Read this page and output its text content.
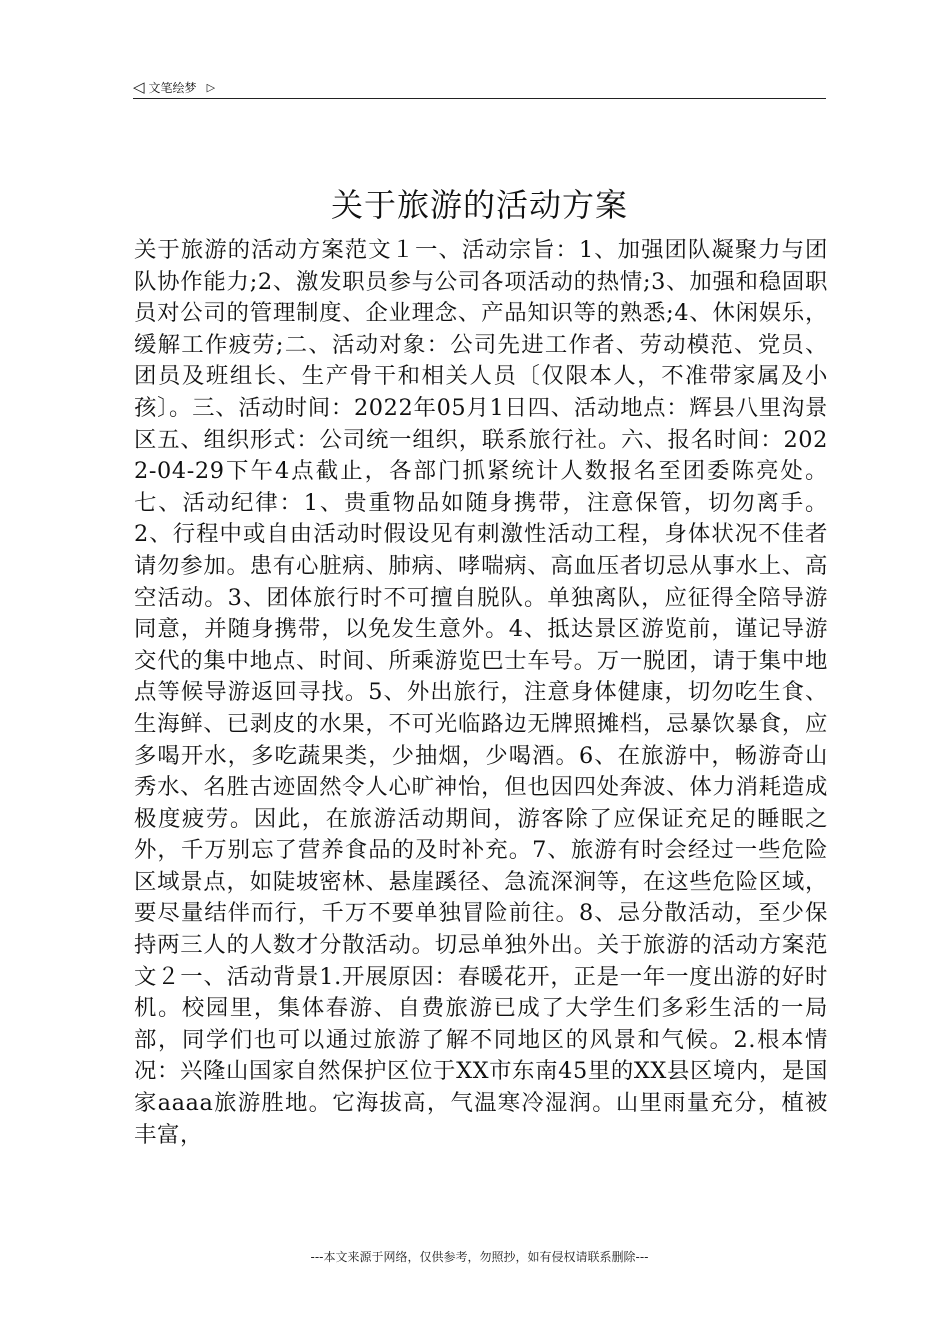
◁ 文笔绘梦 ▷
关于旅游的活动方案

关于旅游的活动方案范文１一、活动宗旨：1、加强团队凝聚力与团队协作能力;2、激发职员参与公司各项活动的热情;3、加强和稳固职员对公司的管理制度、企业理念、产品知识等的熟悉;4、休闲娱乐，缓解工作疲劳;二、活动对象：公司先进工作者、劳动模范、党员、团员及班组长、生产骨干和相关人员〔仅限本人，不准带家属及小孩〕。三、活动时间：2022年05月1日四、活动地点：辉县八里沟景区五、组织形式：公司统一组织，联系旅行社。六、报名时间：2022-04-29下午4点截止，各部门抓紧统计人数报名至团委陈亮处。七、活动纪律：1、贵重物品如随身携带，注意保管，切勿离手。2、行程中或自由活动时假设见有刺激性活动工程，身体状况不佳者请勿参加。患有心脏病、肺病、哮喘病、高血压者切忌从事水上、高空活动。3、团体旅行时不可擅自脱队。单独离队，应征得全陪导游同意，并随身携带，以免发生意外。4、抵达景区游览前，谨记导游交代的集中地点、时间、所乘游览巴士车号。万一脱团，请于集中地点等候导游返回寻找。5、外出旅行，注意身体健康，切勿吃生食、生海鲜、已剥皮的水果，不可光临路边无牌照摊档，忌暴饮暴食，应多喝开水，多吃蔬果类，少抽烟，少喝酒。6、在旅游中，畅游奇山秀水、名胜古迹固然令人心旷神怡，但也因四处奔波、体力消耗造成极度疲劳。因此，在旅游活动期间，游客除了应保证充足的睡眠之外，千万别忘了营养食品的及时补充。7、旅游有时会经过一些危险区域景点，如陡坡密林、悬崖蹊径、急流深涧等，在这些危险区域，要尽量结伴而行，千万不要单独冒险前往。8、忌分散活动，至少保持两三人的人数才分散活动。切忌单独外出。关于旅游的活动方案范文２一、活动背景1.开展原因：春暖花开，正是一年一度出游的好时机。校园里，集体春游、自费旅游已成了大学生们多彩生活的一局部，同学们也可以通过旅游了解不同地区的风景和气候。2.根本情况：兴隆山国家自然保护区位于XX市东南45里的XX县区境内，是国家aaaa旅游胜地。它海拔高，气温寒冷湿润。山里雨量充分，植被丰富，

---本文来源于网络，仅供参考，勿照抄，如有侵权请联系删除---
